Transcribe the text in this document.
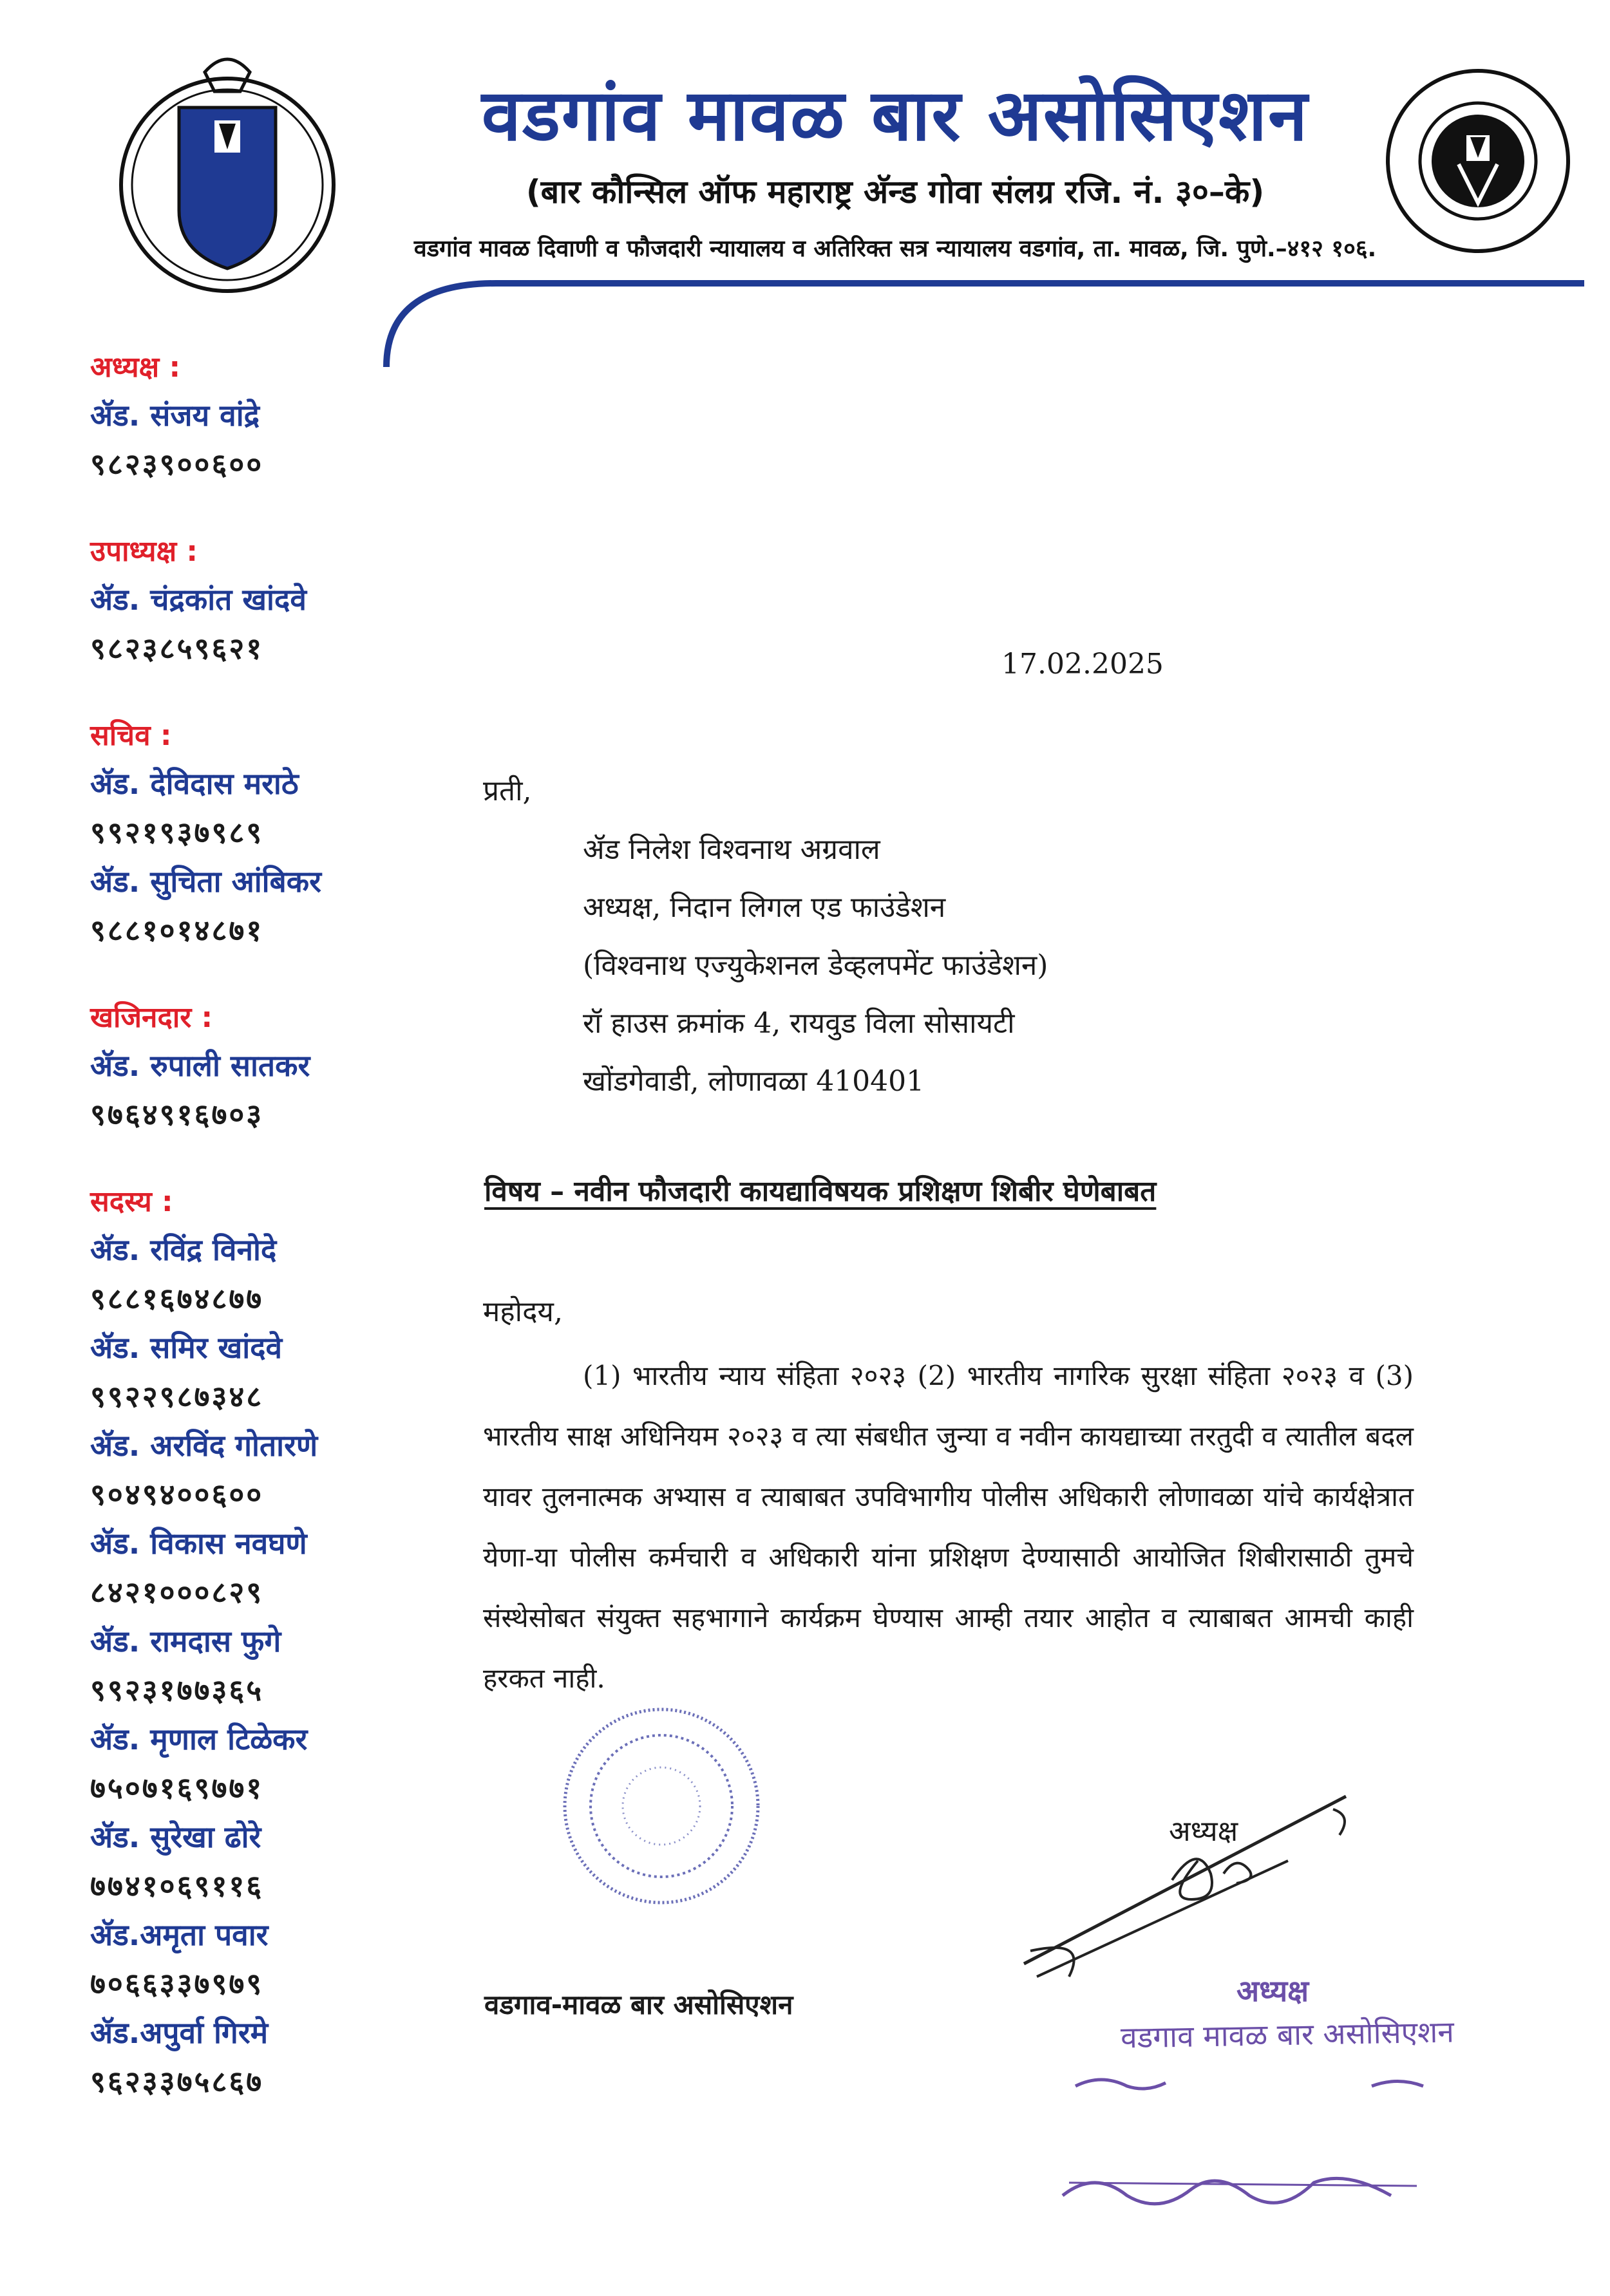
वडगांव मावळ बार असोसिएशन
(बार कौन्सिल ऑफ महाराष्ट्र अ‍ॅन्ड गोवा संलग्र रजि. नं. ३०–के)
वडगांव मावळ दिवाणी व फौजदारी न्यायालय व अतिरिक्त सत्र न्यायालय वडगांव, ता. मावळ, जि. पुणे.–४१२ १०६.
अध्यक्ष :
ॲड. संजय वांद्रे
९८२३९००६००
उपाध्यक्ष :
ॲड. चंद्रकांत खांदवे
९८२३८५९६२१
सचिव :
ॲड. देविदास मराठे
९९२१९३७९८९
ॲड. सुचिता आंबिकर
९८८१०१४८७१
खजिनदार :
ॲड. रुपाली सातकर
९७६४९१६७०३
सदस्य :
ॲड. रविंद्र विनोदे
९८८१६७४८७७
ॲड. समिर खांदवे
९९२२९८७३४८
ॲड. अरविंद गोतारणे
९०४९४००६००
ॲड. विकास नवघणे
८४२१०००८२९
ॲड. रामदास फुगे
९९२३१७७३६५
ॲड. मृणाल टिळेकर
७५०७१६९७७१
ॲड. सुरेखा ढोरे
७७४१०६९११६
ॲड.अमृता पवार
७०६६३३७९७९
ॲड.अपुर्वा गिरमे
९६२३३७५८६७
17.02.2025
प्रती,
ॲड निलेश विश्वनाथ अग्रवाल
अध्यक्ष, निदान लिगल एड फाउंडेशन
(विश्वनाथ एज्युकेशनल डेव्हलपमेंट फाउंडेशन)
रॉ हाउस क्रमांक 4, रायवुड विला सोसायटी
खोंडगेवाडी, लोणावळा 410401
विषय – नवीन फौजदारी कायद्याविषयक प्रशिक्षण शिबीर घेणेबाबत
महोदय,
(1) भारतीय न्याय संहिता २०२३ (2) भारतीय नागरिक सुरक्षा संहिता २०२३ व (3) भारतीय साक्ष अधिनियम २०२३ व त्या संबधीत जुन्या व नवीन कायद्याच्या तरतुदी व त्यातील बदल यावर तुलनात्मक अभ्यास व त्याबाबत उपविभागीय पोलीस अधिकारी लोणावळा यांचे कार्यक्षेत्रात येणा-या पोलीस कर्मचारी व अधिकारी यांना प्रशिक्षण देण्यासाठी आयोजित शिबीरासाठी तुमचे संस्थेसोबत संयुक्त सहभागाने कार्यक्रम घेण्यास आम्ही तयार आहोत व त्याबाबत आमची काही हरकत नाही.
अध्यक्ष
वडगाव-मावळ बार असोसिएशन	अध्यक्ष
वडगाव मावळ बार असोसिएशन
